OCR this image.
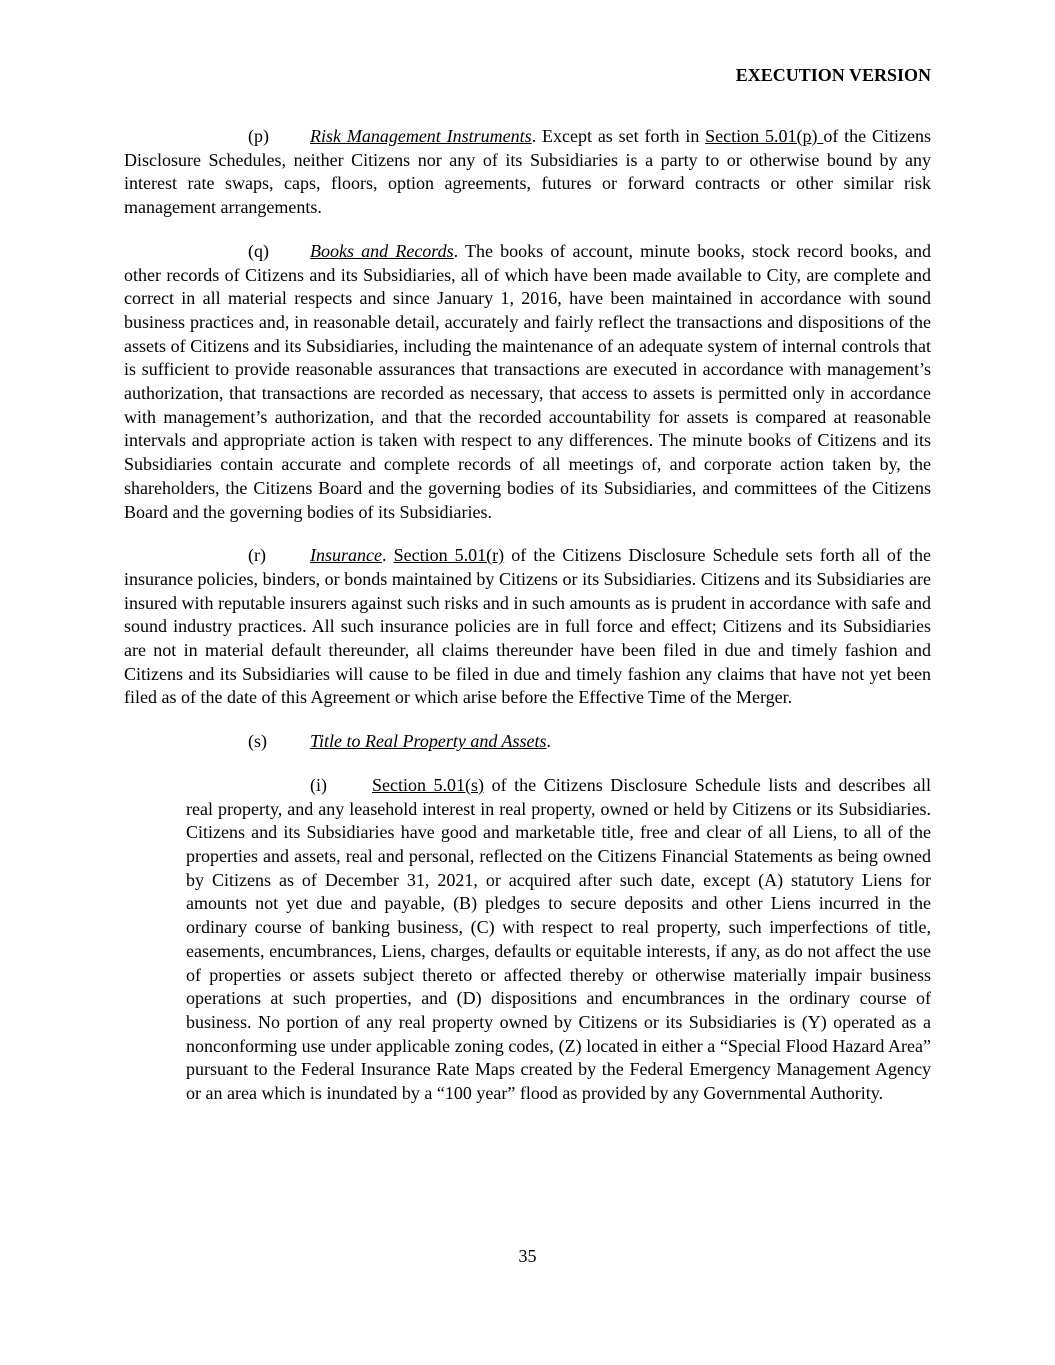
EXECUTION VERSION

(p) Risk Management Instruments. Except as set forth in Section 5.01(p) of the Citizens Disclosure Schedules, neither Citizens nor any of its Subsidiaries is a party to or otherwise bound by any interest rate swaps, caps, floors, option agreements, futures or forward contracts or other similar risk management arrangements.

(q) Books and Records. The books of account, minute books, stock record books, and other records of Citizens and its Subsidiaries, all of which have been made available to City, are complete and correct in all material respects and since January 1, 2016, have been maintained in accordance with sound business practices and, in reasonable detail, accurately and fairly reflect the transactions and dispositions of the assets of Citizens and its Subsidiaries, including the maintenance of an adequate system of internal controls that is sufficient to provide reasonable assurances that transactions are executed in accordance with management’s authorization, that transactions are recorded as necessary, that access to assets is permitted only in accordance with management’s authorization, and that the recorded accountability for assets is compared at reasonable intervals and appropriate action is taken with respect to any differences. The minute books of Citizens and its Subsidiaries contain accurate and complete records of all meetings of, and corporate action taken by, the shareholders, the Citizens Board and the governing bodies of its Subsidiaries, and committees of the Citizens Board and the governing bodies of its Subsidiaries.

(r) Insurance. Section 5.01(r) of the Citizens Disclosure Schedule sets forth all of the insurance policies, binders, or bonds maintained by Citizens or its Subsidiaries. Citizens and its Subsidiaries are insured with reputable insurers against such risks and in such amounts as is prudent in accordance with safe and sound industry practices. All such insurance policies are in full force and effect; Citizens and its Subsidiaries are not in material default thereunder, all claims thereunder have been filed in due and timely fashion and Citizens and its Subsidiaries will cause to be filed in due and timely fashion any claims that have not yet been filed as of the date of this Agreement or which arise before the Effective Time of the Merger.

(s) Title to Real Property and Assets.

(i)	Section 5.01(s) of the Citizens Disclosure Schedule lists and describes all real property, and any leasehold interest in real property, owned or held by Citizens or its Subsidiaries. Citizens and its Subsidiaries have good and marketable title, free and clear of all Liens, to all of the properties and assets, real and personal, reflected on the Citizens Financial Statements as being owned by Citizens as of December 31, 2021, or acquired after such date, except (A) statutory Liens for amounts not yet due and payable, (B) pledges to secure deposits and other Liens incurred in the ordinary course of banking business, (C) with respect to real property, such imperfections of title, easements, encumbrances, Liens, charges, defaults or equitable interests, if any, as do not affect the use of properties or assets subject thereto or affected thereby or otherwise materially impair business operations at such properties, and (D) dispositions and encumbrances in the ordinary course of business. No portion of any real property owned by Citizens or its Subsidiaries is (Y) operated as a nonconforming use under applicable zoning codes, (Z) located in either a “Special Flood Hazard Area” pursuant to the Federal Insurance Rate Maps created by the Federal Emergency Management Agency or an area which is inundated by a “100 year” flood as provided by any Governmental Authority.

35
